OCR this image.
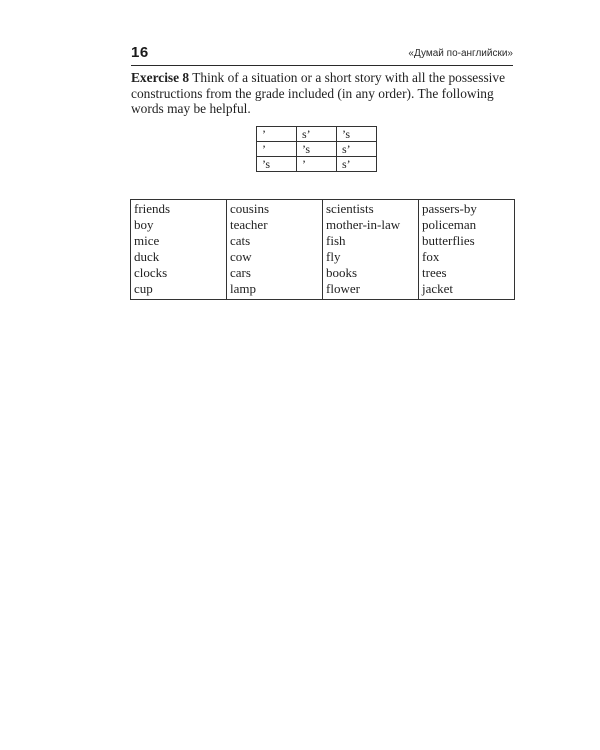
16	«Думай по-английски»
Exercise 8 Think of a situation or a short story with all the possessive constructions from the grade included (in any order). The following words may be helpful.
’	s’	’s
’	’s	s’
’s	’	s’
friends	cousins	scientists	passers-by
boy	teacher	mother-in-law	policeman
mice	cats	fish	butterflies
duck	cow	fly	fox
clocks	cars	books	trees
cup	lamp	flower	jacket
